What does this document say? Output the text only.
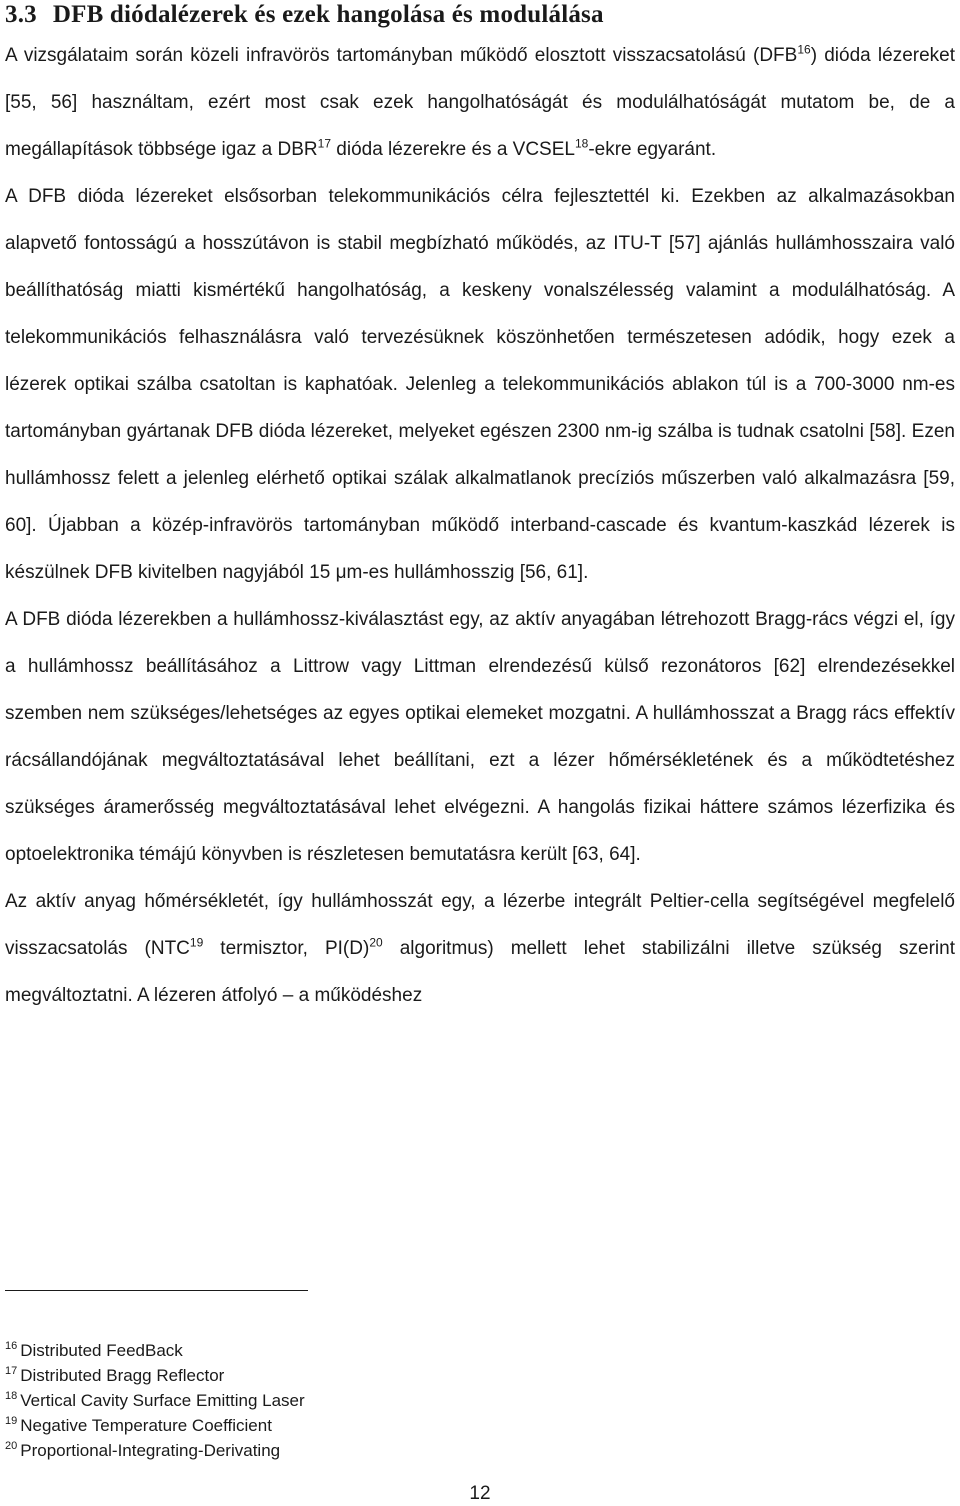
3.3 DFB diódalézerek és ezek hangolása és modulálása

A vizsgálataim során közeli infravörös tartományban működő elosztott visszacsatolású (DFB$^{16}$) dióda lézereket [55, 56] használtam, ezért most csak ezek hangolhatóságát és modulálhatóságát mutatom be, de a megállapítások többsége igaz a DBR$^{17}$ dióda lézerekre és a VCSEL$^{18}$-ekre egyaránt.

A DFB dióda lézereket elsősorban telekommunikációs célra fejlesztettél ki. Ezekben az alkalmazásokban alapvető fontosságú a hosszútávon is stabil megbízható működés, az ITU-T [57] ajánlás hullámhosszaira való beállíthatóság miatti kismértékű hangolhatóság, a keskeny vonalszélesség valamint a modulálhatóság. A telekommunikációs felhasználásra való tervezésüknek köszönhetően természetesen adódik, hogy ezek a lézerek optikai szálba csatoltan is kaphatóak. Jelenleg a telekommunikációs ablakon túl is a 700-3000 nm-es tartományban gyártanak DFB dióda lézereket, melyeket egészen 2300 nm-ig szálba is tudnak csatolni [58]. Ezen hullámhossz felett a jelenleg elérhető optikai szálak alkalmatlanok precíziós műszerben való alkalmazásra [59, 60]. Újabban a közép-infravörös tartományban működő interband-cascade és kvantum-kaszkád lézerek is készülnek DFB kivitelben nagyjából 15 μm-es hullámhosszig [56, 61].

A DFB dióda lézerekben a hullámhossz-kiválasztást egy, az aktív anyagában létrehozott Bragg-rács végzi el, így a hullámhossz beállításához a Littrow vagy Littman elrendezésű külső rezonátoros [62] elrendezésekkel szemben nem szükséges/lehetséges az egyes optikai elemeket mozgatni. A hullámhosszat a Bragg rács effektív rácsállandójának megváltoztatásával lehet beállítani, ezt a lézer hőmérsékletének és a működtetéshez szükséges áramerősség megváltoztatásával lehet elvégezni. A hangolás fizikai háttere számos lézerfizika és optoelektronika témájú könyvben is részletesen bemutatásra került [63, 64].

Az aktív anyag hőmérsékletét, így hullámhosszát egy, a lézerbe integrált Peltier-cella segítségével megfelelő visszacsatolás (NTC$^{19}$ termisztor, $PI(D)^{20}$ algoritmus) mellett lehet stabilizálni illetve szükség szerint megváltoztatni. A lézeren átfolyó – a működéshez

$^{16}$ Distributed FeedBack
$^{17}$ Distributed Bragg Reflector
$^{18}$ Vertical Cavity Surface Emitting Laser
$^{19}$ Negative Temperature Coefficient
$^{20}$ Proportional-Integrating-Derivating
12
